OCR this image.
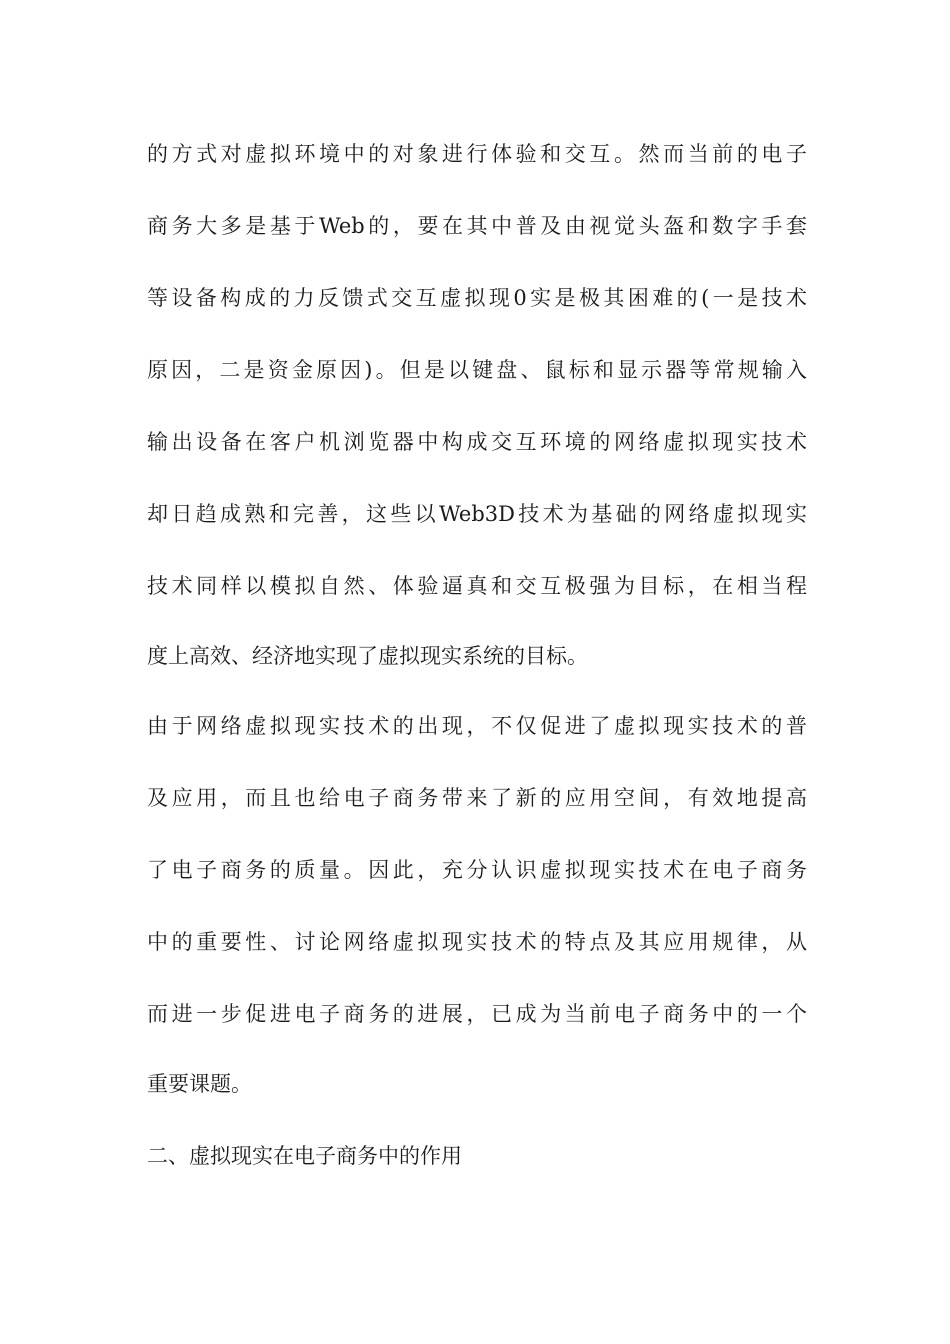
的方式对虚拟环境中的对象进行体验和交互。然而当前的电子
商务大多是基于Web的，要在其中普及由视觉头盔和数字手套
等设备构成的力反馈式交互虚拟现0实是极其困难的(一是技术
原因，二是资金原因)。但是以键盘、鼠标和显示器等常规输入
输出设备在客户机浏览器中构成交互环境的网络虚拟现实技术
却日趋成熟和完善，这些以Web3D技术为基础的网络虚拟现实
技术同样以模拟自然、体验逼真和交互极强为目标，在相当程
度上高效、经济地实现了虚拟现实系统的目标。
由于网络虚拟现实技术的出现，不仅促进了虚拟现实技术的普
及应用，而且也给电子商务带来了新的应用空间，有效地提高
了电子商务的质量。因此，充分认识虚拟现实技术在电子商务
中的重要性、讨论网络虚拟现实技术的特点及其应用规律，从
而进一步促进电子商务的进展，已成为当前电子商务中的一个
重要课题。
二、虚拟现实在电子商务中的作用
